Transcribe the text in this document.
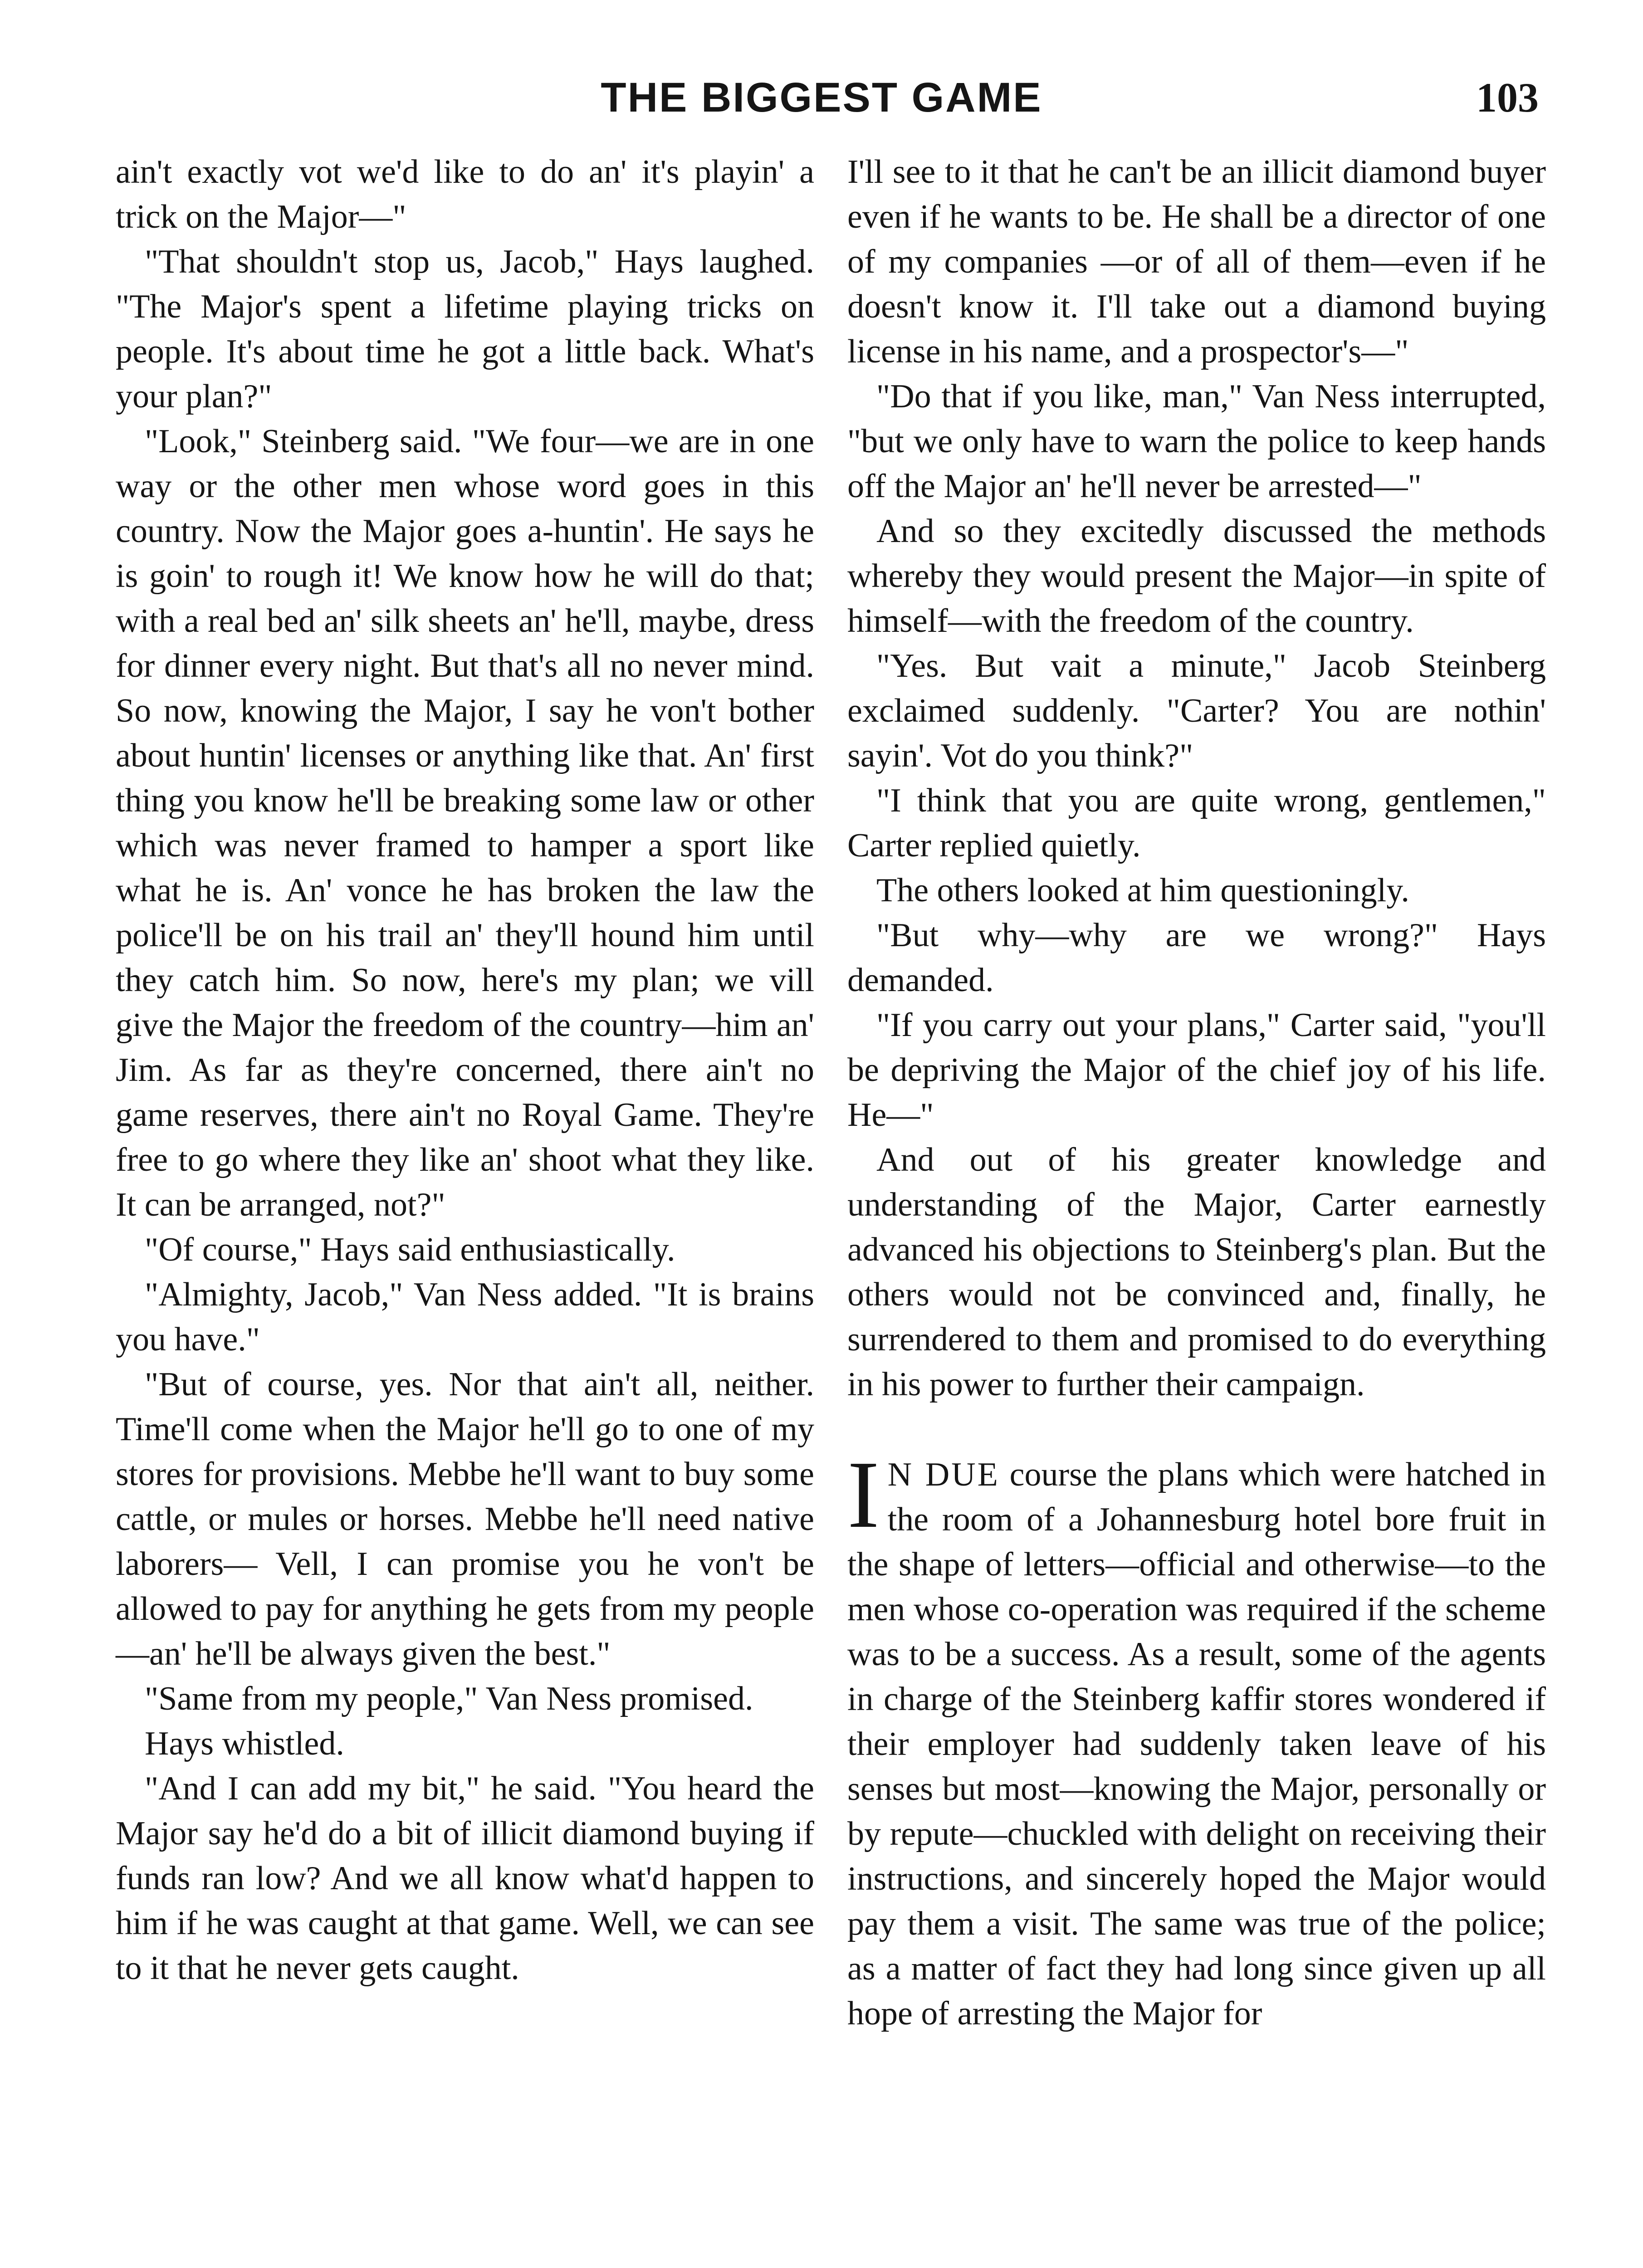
THE BIGGEST GAME	103

ain't exactly vot we'd like to do an' it's playin' a trick on the Major—"

"That shouldn't stop us, Jacob," Hays laughed. "The Major's spent a lifetime playing tricks on people. It's about time he got a little back. What's your plan?"

"Look," Steinberg said. "We four—we are in one way or the other men whose word goes in this country. Now the Major goes a-huntin'. He says he is goin' to rough it! We know how he will do that; with a real bed an' silk sheets an' he'll, maybe, dress for dinner every night. But that's all no never mind. So now, knowing the Major, I say he von't bother about huntin' licenses or anything like that. An' first thing you know he'll be breaking some law or other which was never framed to hamper a sport like what he is. An' vonce he has broken the law the police'll be on his trail an' they'll hound him until they catch him. So now, here's my plan; we vill give the Major the freedom of the country—him an' Jim. As far as they're concerned, there ain't no game reserves, there ain't no Royal Game. They're free to go where they like an' shoot what they like. It can be arranged, not?"

"Of course," Hays said enthusiastically.

"Almighty, Jacob," Van Ness added. "It is brains you have."

"But of course, yes. Nor that ain't all, neither. Time'll come when the Major he'll go to one of my stores for provisions. Mebbe he'll want to buy some cattle, or mules or horses. Mebbe he'll need native laborers— Vell, I can promise you he von't be allowed to pay for anything he gets from my people—an' he'll be always given the best."

"Same from my people," Van Ness promised.

Hays whistled.

"And I can add my bit," he said. "You heard the Major say he'd do a bit of illicit diamond buying if funds ran low? And we all know what'd happen to him if he was caught at that game. Well, we can see to it that he never gets caught.

I'll see to it that he can't be an illicit diamond buyer even if he wants to be. He shall be a director of one of my companies —or of all of them—even if he doesn't know it. I'll take out a diamond buying license in his name, and a prospector's—"

"Do that if you like, man," Van Ness interrupted, "but we only have to warn the police to keep hands off the Major an' he'll never be arrested—"

And so they excitedly discussed the methods whereby they would present the Major—in spite of himself—with the freedom of the country.

"Yes. But vait a minute," Jacob Steinberg exclaimed suddenly. "Carter? You are nothin' sayin'. Vot do you think?"

"I think that you are quite wrong, gentlemen," Carter replied quietly.

The others looked at him questioningly.

"But why—why are we wrong?" Hays demanded.

"If you carry out your plans," Carter said, "you'll be depriving the Major of the chief joy of his life. He—"

And out of his greater knowledge and understanding of the Major, Carter earnestly advanced his objections to Steinberg's plan. But the others would not be convinced and, finally, he surrendered to them and promised to do everything in his power to further their campaign.

I N DUE course the plans which were hatched in the room of a Johannesburg hotel bore fruit in the shape of letters—official and otherwise—to the men whose co-operation was required if the scheme was to be a success. As a result, some of the agents in charge of the Steinberg kaffir stores wondered if their employer had suddenly taken leave of his senses but most—knowing the Major, personally or by repute—chuckled with delight on receiving their instructions, and sincerely hoped the Major would pay them a visit. The same was true of the police; as a matter of fact they had long since given up all hope of arresting the Major for
